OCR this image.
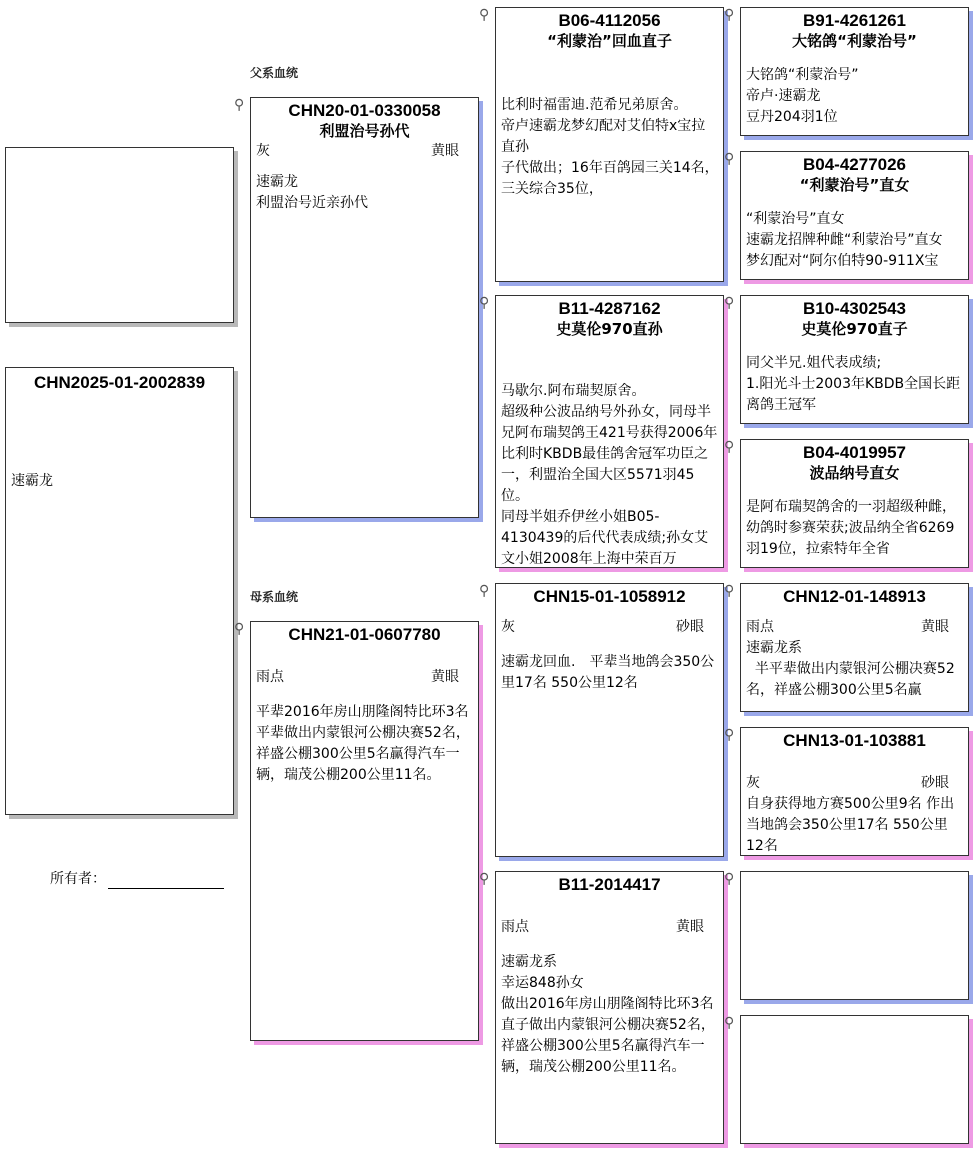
父系血统
母系血统
CHN2025-01-2002839
速霸龙
所有者：
⚲	CHN20-01-0330058
利盟治号孙代
灰	黄眼
速霸龙
利盟治号近亲孙代
⚲	CHN21-01-0607780
雨点	黄眼
平辈2016年房山朋隆阁特比环3名
平辈做出内蒙银河公棚决赛52名，祥盛公棚300公里5名赢得汽车一辆，瑞茂公棚200公里11名。
⚲	B06-4112056
“利蒙治”回血直子
比利时福雷迪.范希兄弟原舍。
帝卢速霸龙梦幻配对艾伯特x宝拉直孙
子代做出；16年百鸽园三关14名，三关综合35位，
⚲	B11-4287162
史莫伦970直孙
马歇尔.阿布瑞契原舍。
超级种公波品纳号外孙女，同母半兄阿布瑞契鸽王421号获得2006年比利时KBDB最佳鸽舍冠军功臣之一，利盟治全国大区5571羽45位。
同母半姐乔伊丝小姐B05-4130439的后代代表成绩;孙女艾文小姐2008年上海中荣百万
⚲	CHN15-01-1058912
灰	砂眼
速霸龙回血.　平辈当地鸽会350公里17名 550公里12名
⚲	B11-2014417
雨点	黄眼
速霸龙系
幸运848孙女
做出2016年房山朋隆阁特比环3名
直子做出内蒙银河公棚决赛52名，祥盛公棚300公里5名赢得汽车一辆，瑞茂公棚200公里11名。
⚲	B91-4261261
大铭鸽“利蒙治号”
大铭鸽“利蒙治号”
帝卢·速霸龙
豆丹204羽1位
⚲	B04-4277026
“利蒙治号”直女
“利蒙治号”直女
速霸龙招牌种雌“利蒙治号”直女
梦幻配对“阿尔伯特90-911X宝
⚲	B10-4302543
史莫伦970直子
同父半兄.姐代表成绩;
1.阳光斗士2003年KBDB全国长距离鸽王冠军
⚲	B04-4019957
波品纳号直女
是阿布瑞契鸽舍的一羽超级种雌，幼鸽时参赛荣获;波品纳全省6269羽19位，拉索特年全省
⚲	CHN12-01-148913
雨点	黄眼
速霸龙系
半平辈做出内蒙银河公棚决赛52名，祥盛公棚300公里5名赢
⚲	CHN13-01-103881
灰	砂眼
自身获得地方赛500公里9名 作出当地鸽会350公里17名 550公里12名
⚲
⚲
